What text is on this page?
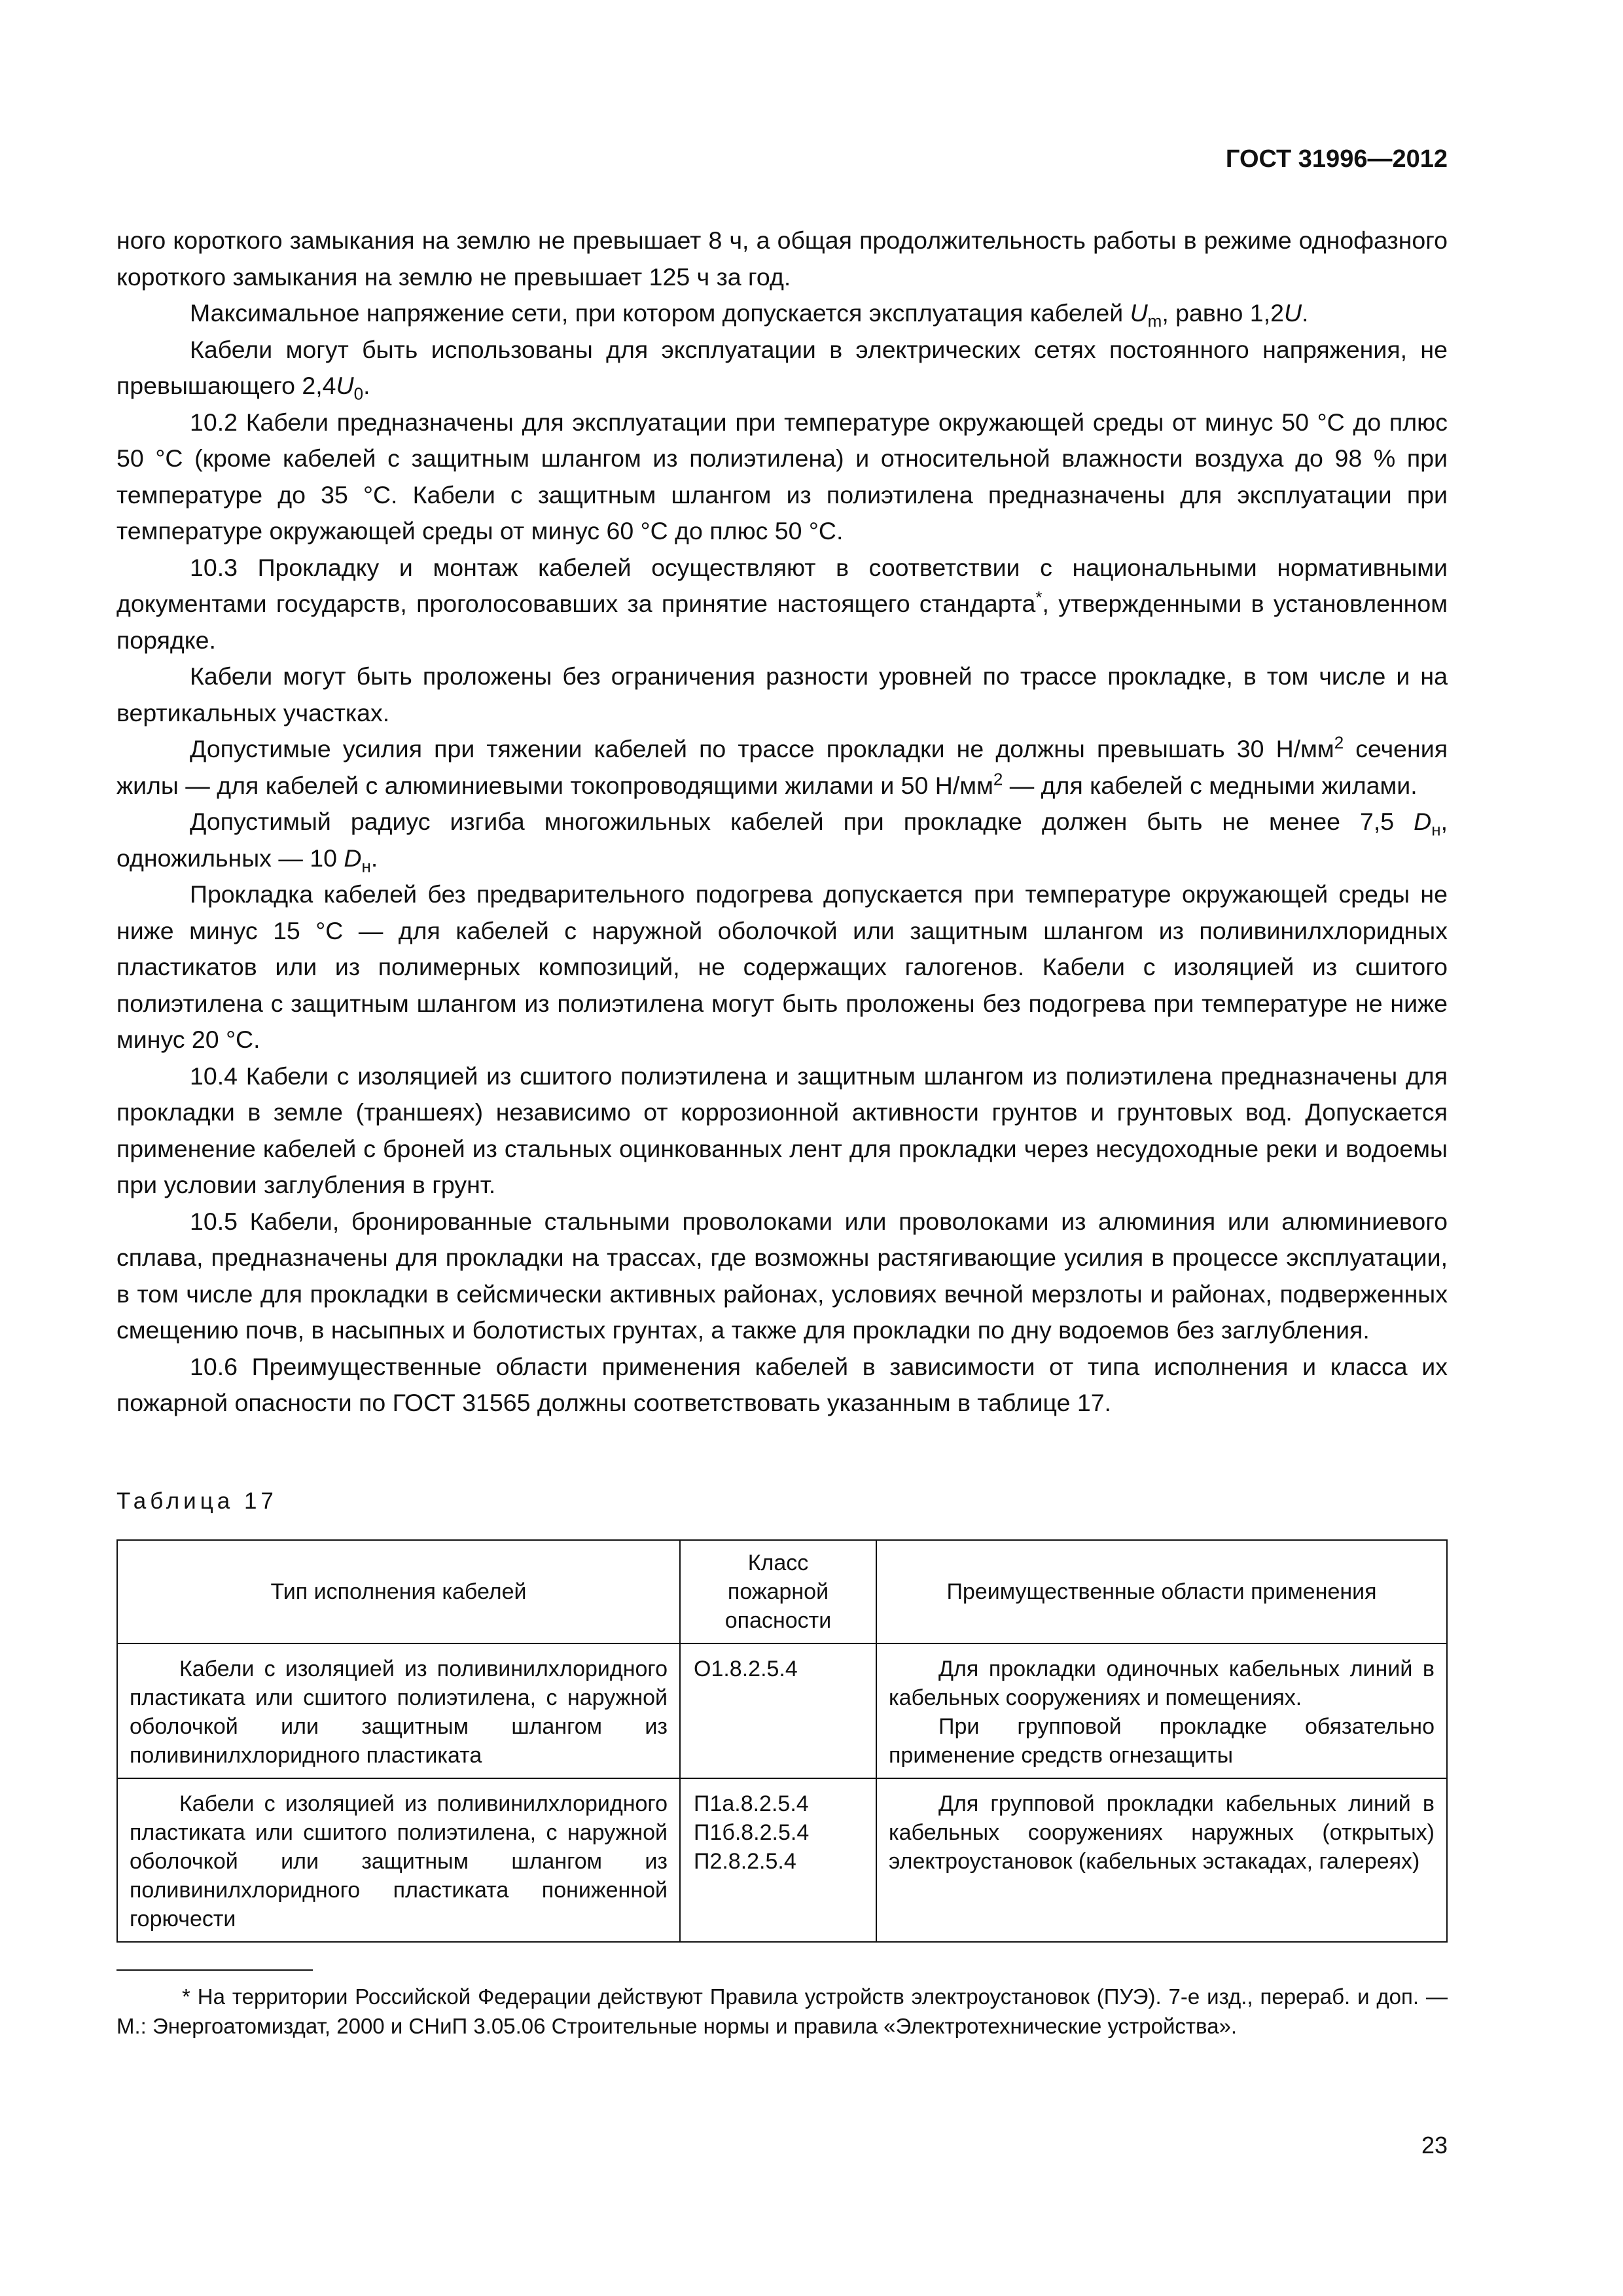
ГОСТ 31996—2012

ного короткого замыкания на землю не превышает 8 ч, а общая продолжительность работы в режиме однофазного короткого замыкания на землю не превышает 125 ч за год.

Максимальное напряжение сети, при котором допускается эксплуатация кабелей $U_m$, равно 1,2U.

Кабели могут быть использованы для эксплуатации в электрических сетях постоянного напряжения, не превышающего $2,4U_0$.

10.2 Кабели предназначены для эксплуатации при температуре окружающей среды от минус 50 °С до плюс 50 °С (кроме кабелей с защитным шлангом из полиэтилена) и относительной влажности воздуха до 98 % при температуре до 35 °С. Кабели с защитным шлангом из полиэтилена предназначены для эксплуатации при температуре окружающей среды от минус 60 °С до плюс 50 °С.

10.3 Прокладку и монтаж кабелей осуществляют в соответствии с национальными нормативными документами государств, проголосовавших за принятие настоящего стандарта*, утвержденными в установленном порядке.

Кабели могут быть проложены без ограничения разности уровней по трассе прокладке, в том числе и на вертикальных участках.

Допустимые усилия при тяжении кабелей по трассе прокладки не должны превышать 30 $Н/мм^2$ сечения жилы — для кабелей с алюминиевыми токопроводящими жилами и 50 $Н/мм^2$ — для кабелей с медными жилами.

Допустимый радиус изгиба многожильных кабелей при прокладке должен быть не менее 7,5 $D_н$, одножильных — 10 $D_н$.

Прокладка кабелей без предварительного подогрева допускается при температуре окружающей среды не ниже минус 15 °С — для кабелей с наружной оболочкой или защитным шлангом из поливинилхлоридных пластикатов или из полимерных композиций, не содержащих галогенов. Кабели с изоляцией из сшитого полиэтилена с защитным шлангом из полиэтилена могут быть проложены без подогрева при температуре не ниже минус 20 °С.

10.4 Кабели с изоляцией из сшитого полиэтилена и защитным шлангом из полиэтилена предназначены для прокладки в земле (траншеях) независимо от коррозионной активности грунтов и грунтовых вод. Допускается применение кабелей с броней из стальных оцинкованных лент для прокладки через несудоходные реки и водоемы при условии заглубления в грунт.

10.5 Кабели, бронированные стальными проволоками или проволоками из алюминия или алюминиевого сплава, предназначены для прокладки на трассах, где возможны растягивающие усилия в процессе эксплуатации, в том числе для прокладки в сейсмически активных районах, условиях вечной мерзлоты и районах, подверженных смещению почв, в насыпных и болотистых грунтах, а также для прокладки по дну водоемов без заглубления.

10.6 Преимущественные области применения кабелей в зависимости от типа исполнения и класса их пожарной опасности по ГОСТ 31565 должны соответствовать указанным в таблице 17.

Таблица 17
Тип исполнения кабелей	Класс пожарной опасности	Преимущественные области применения

Кабели с изоляцией из поливинилхлоридного пластиката или сшитого полиэтилена, с наружной оболочкой или защитным шлангом из поливинилхлоридного пластиката	О1.8.2.5.4	Для прокладки одиночных кабельных линий в кабельных сооружениях и помещениях.

При групповой прокладке обязательно применение средств огнезащиты

Кабели с изоляцией из поливинилхлоридного пластиката или сшитого полиэтилена, с наружной оболочкой или защитным шлангом из поливинилхлоридного пластиката пониженной горючести	П1а.8.2.5.4
П1б.8.2.5.4
П2.8.2.5.4	Для групповой прокладки кабельных линий в кабельных сооружениях наружных (открытых) электроустановок (кабельных эстакадах, галереях)

* На территории Российской Федерации действуют Правила устройств электроустановок (ПУЭ). 7-е изд., перераб. и доп. — М.: Энергоатомиздат, 2000 и СНиП 3.05.06 Строительные нормы и правила «Электротехнические устройства».
23
